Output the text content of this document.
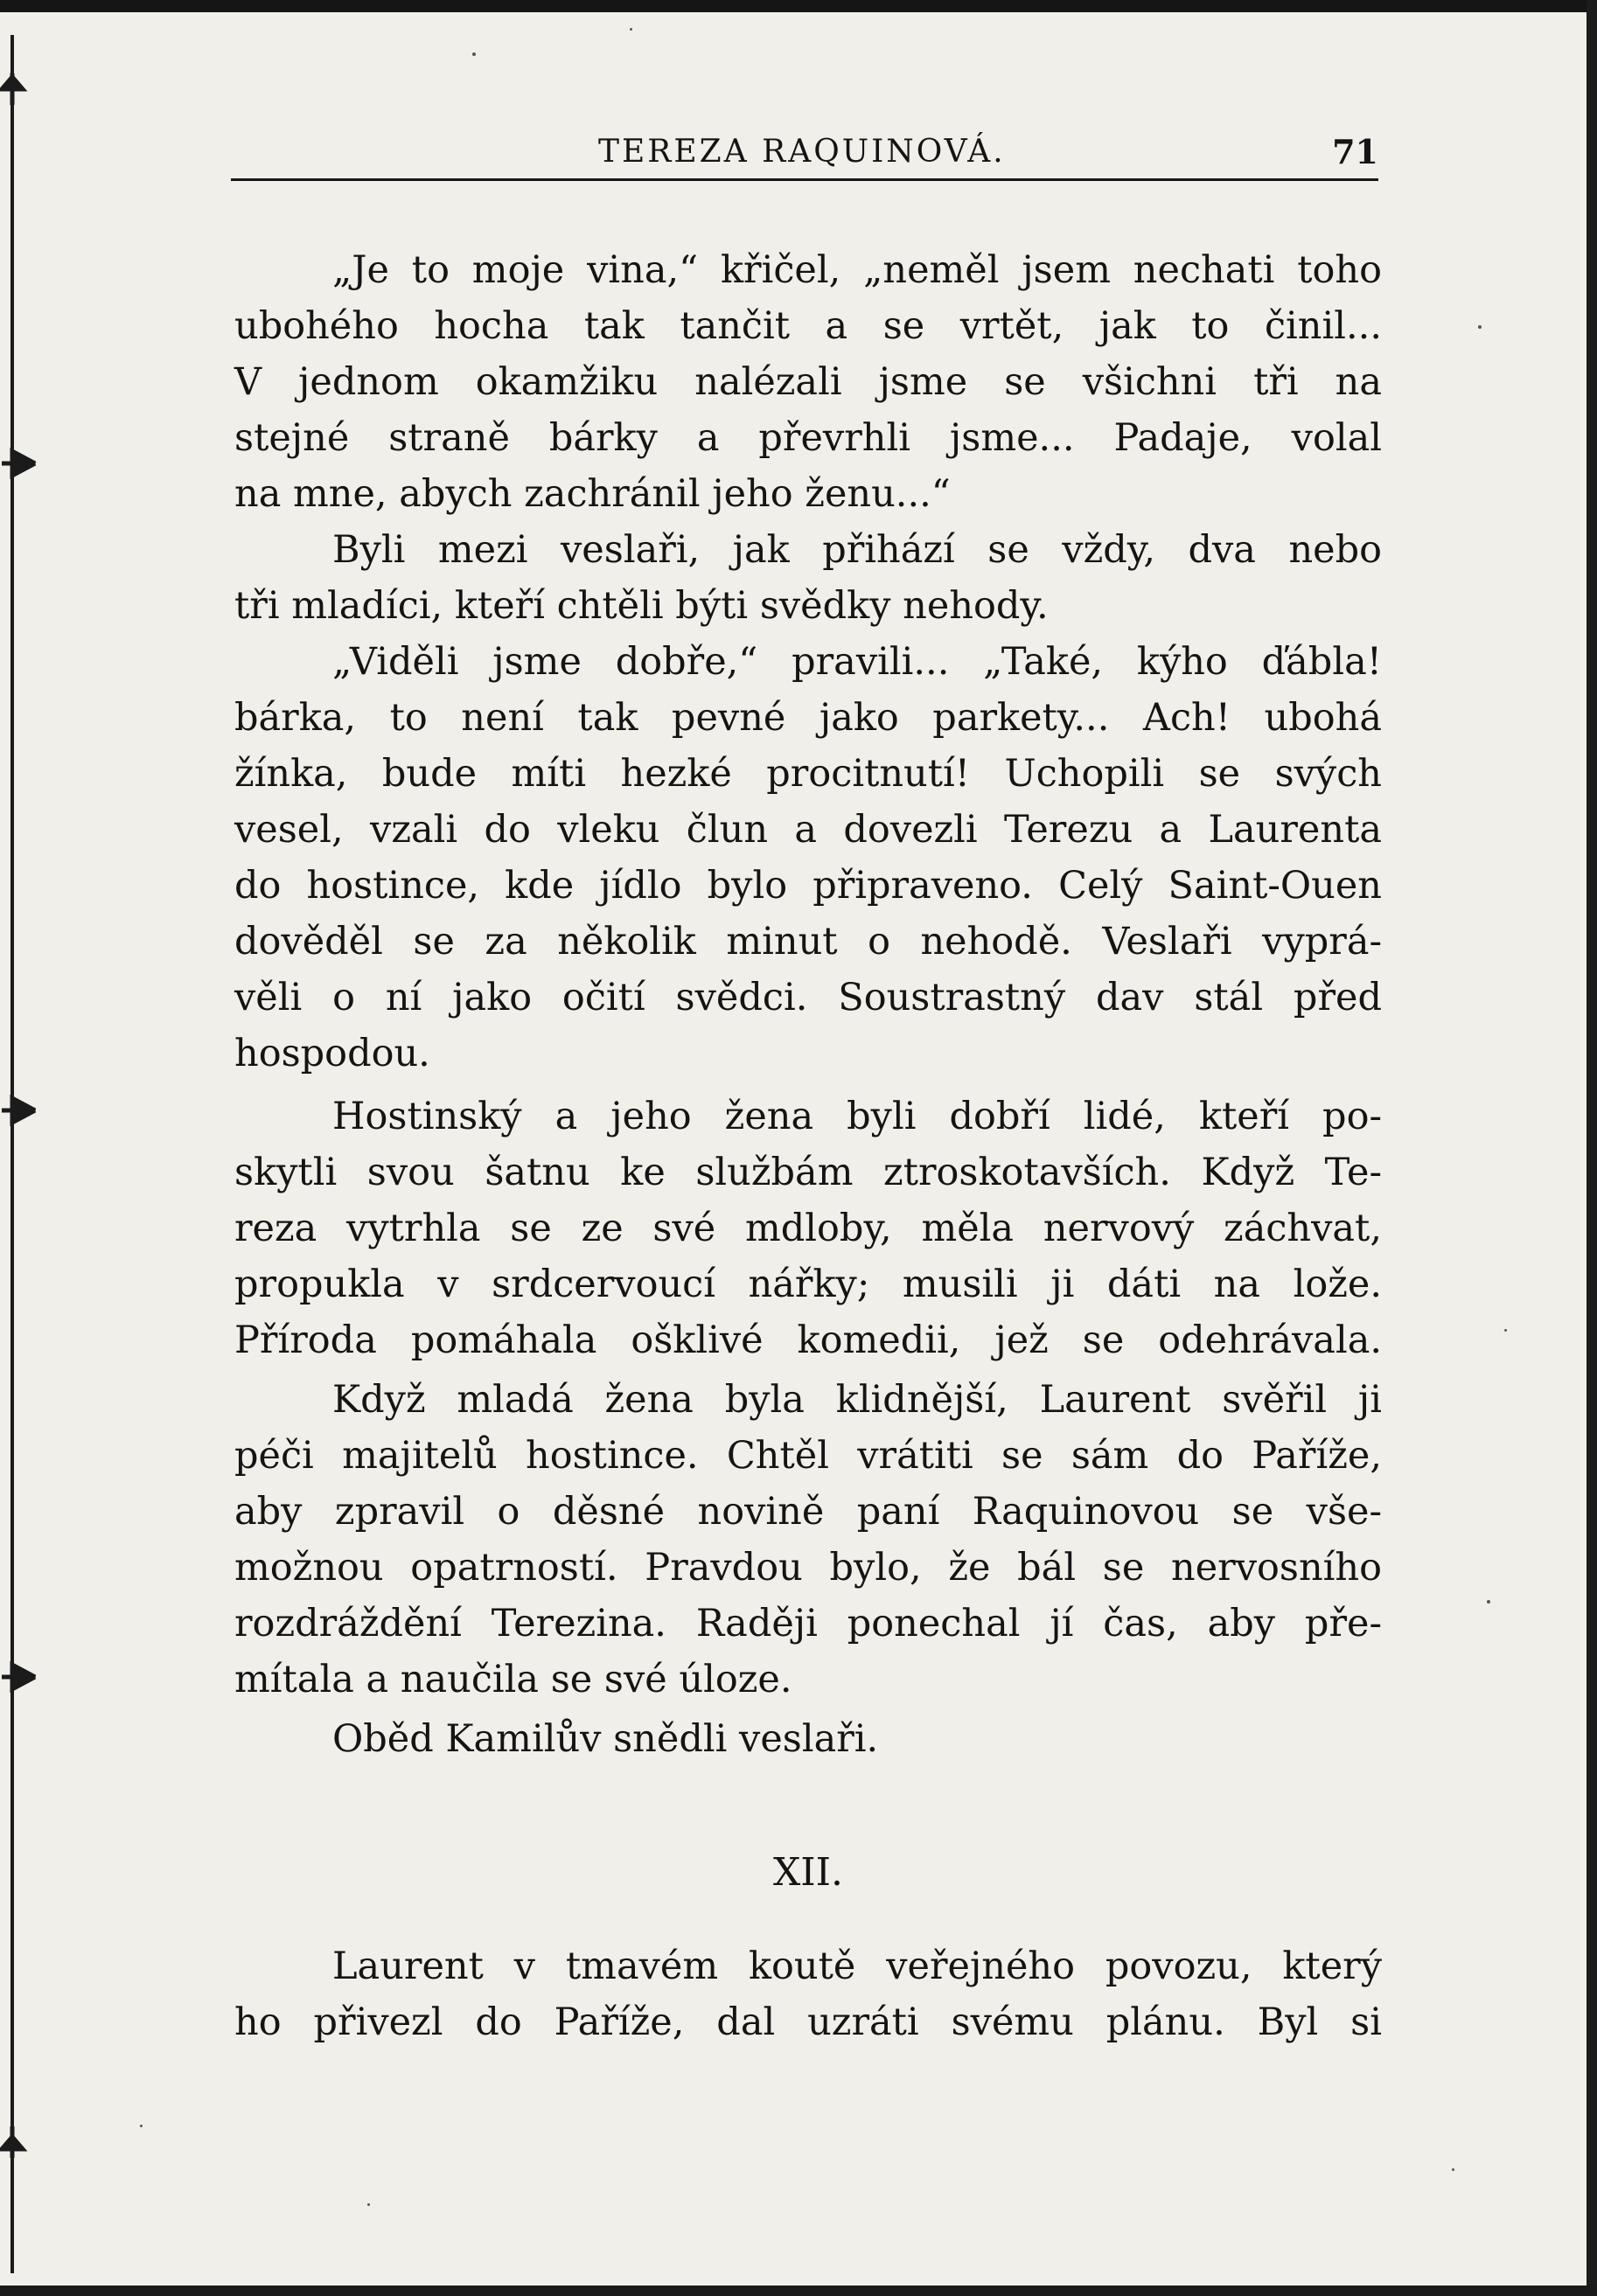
TEREZA RAQUINOVÁ.	71
„Je to moje vina,“ křičel, „neměl jsem nechati toho
ubohého hocha tak tančit a se vrtět, jak to činil...
V jednom okamžiku nalézali jsme se všichni tři na
stejné straně bárky a převrhli jsme... Padaje, volal
na mne, abych zachránil jeho ženu...“
Byli mezi veslaři, jak přihází se vždy, dva nebo
tři mladíci, kteří chtěli býti svědky nehody.
„Viděli jsme dobře,“ pravili... „Také, kýho ďábla!
bárka, to není tak pevné jako parkety... Ach! ubohá
žínka, bude míti hezké procitnutí! Uchopili se svých
vesel, vzali do vleku člun a dovezli Terezu a Laurenta
do hostince, kde jídlo bylo připraveno. Celý Saint-Ouen
dověděl se za několik minut o nehodě. Veslaři vyprá-
věli o ní jako očití svědci. Soustrastný dav stál před
hospodou.
Hostinský a jeho žena byli dobří lidé, kteří po-
skytli svou šatnu ke službám ztroskotavších. Když Te-
reza vytrhla se ze své mdloby, měla nervový záchvat,
propukla v srdcervoucí nářky; musili ji dáti na lože.
Příroda pomáhala ošklivé komedii, jež se odehrávala.
Když mladá žena byla klidnější, Laurent svěřil ji
péči majitelů hostince. Chtěl vrátiti se sám do Paříže,
aby zpravil o děsné novině paní Raquinovou se vše-
možnou opatrností. Pravdou bylo, že bál se nervosního
rozdráždění Terezina. Raději ponechal jí čas, aby pře-
mítala a naučila se své úloze.
Oběd Kamilův snědli veslaři.
XII.
Laurent v tmavém koutě veřejného povozu, který
ho přivezl do Paříže, dal uzráti svému plánu. Byl si
